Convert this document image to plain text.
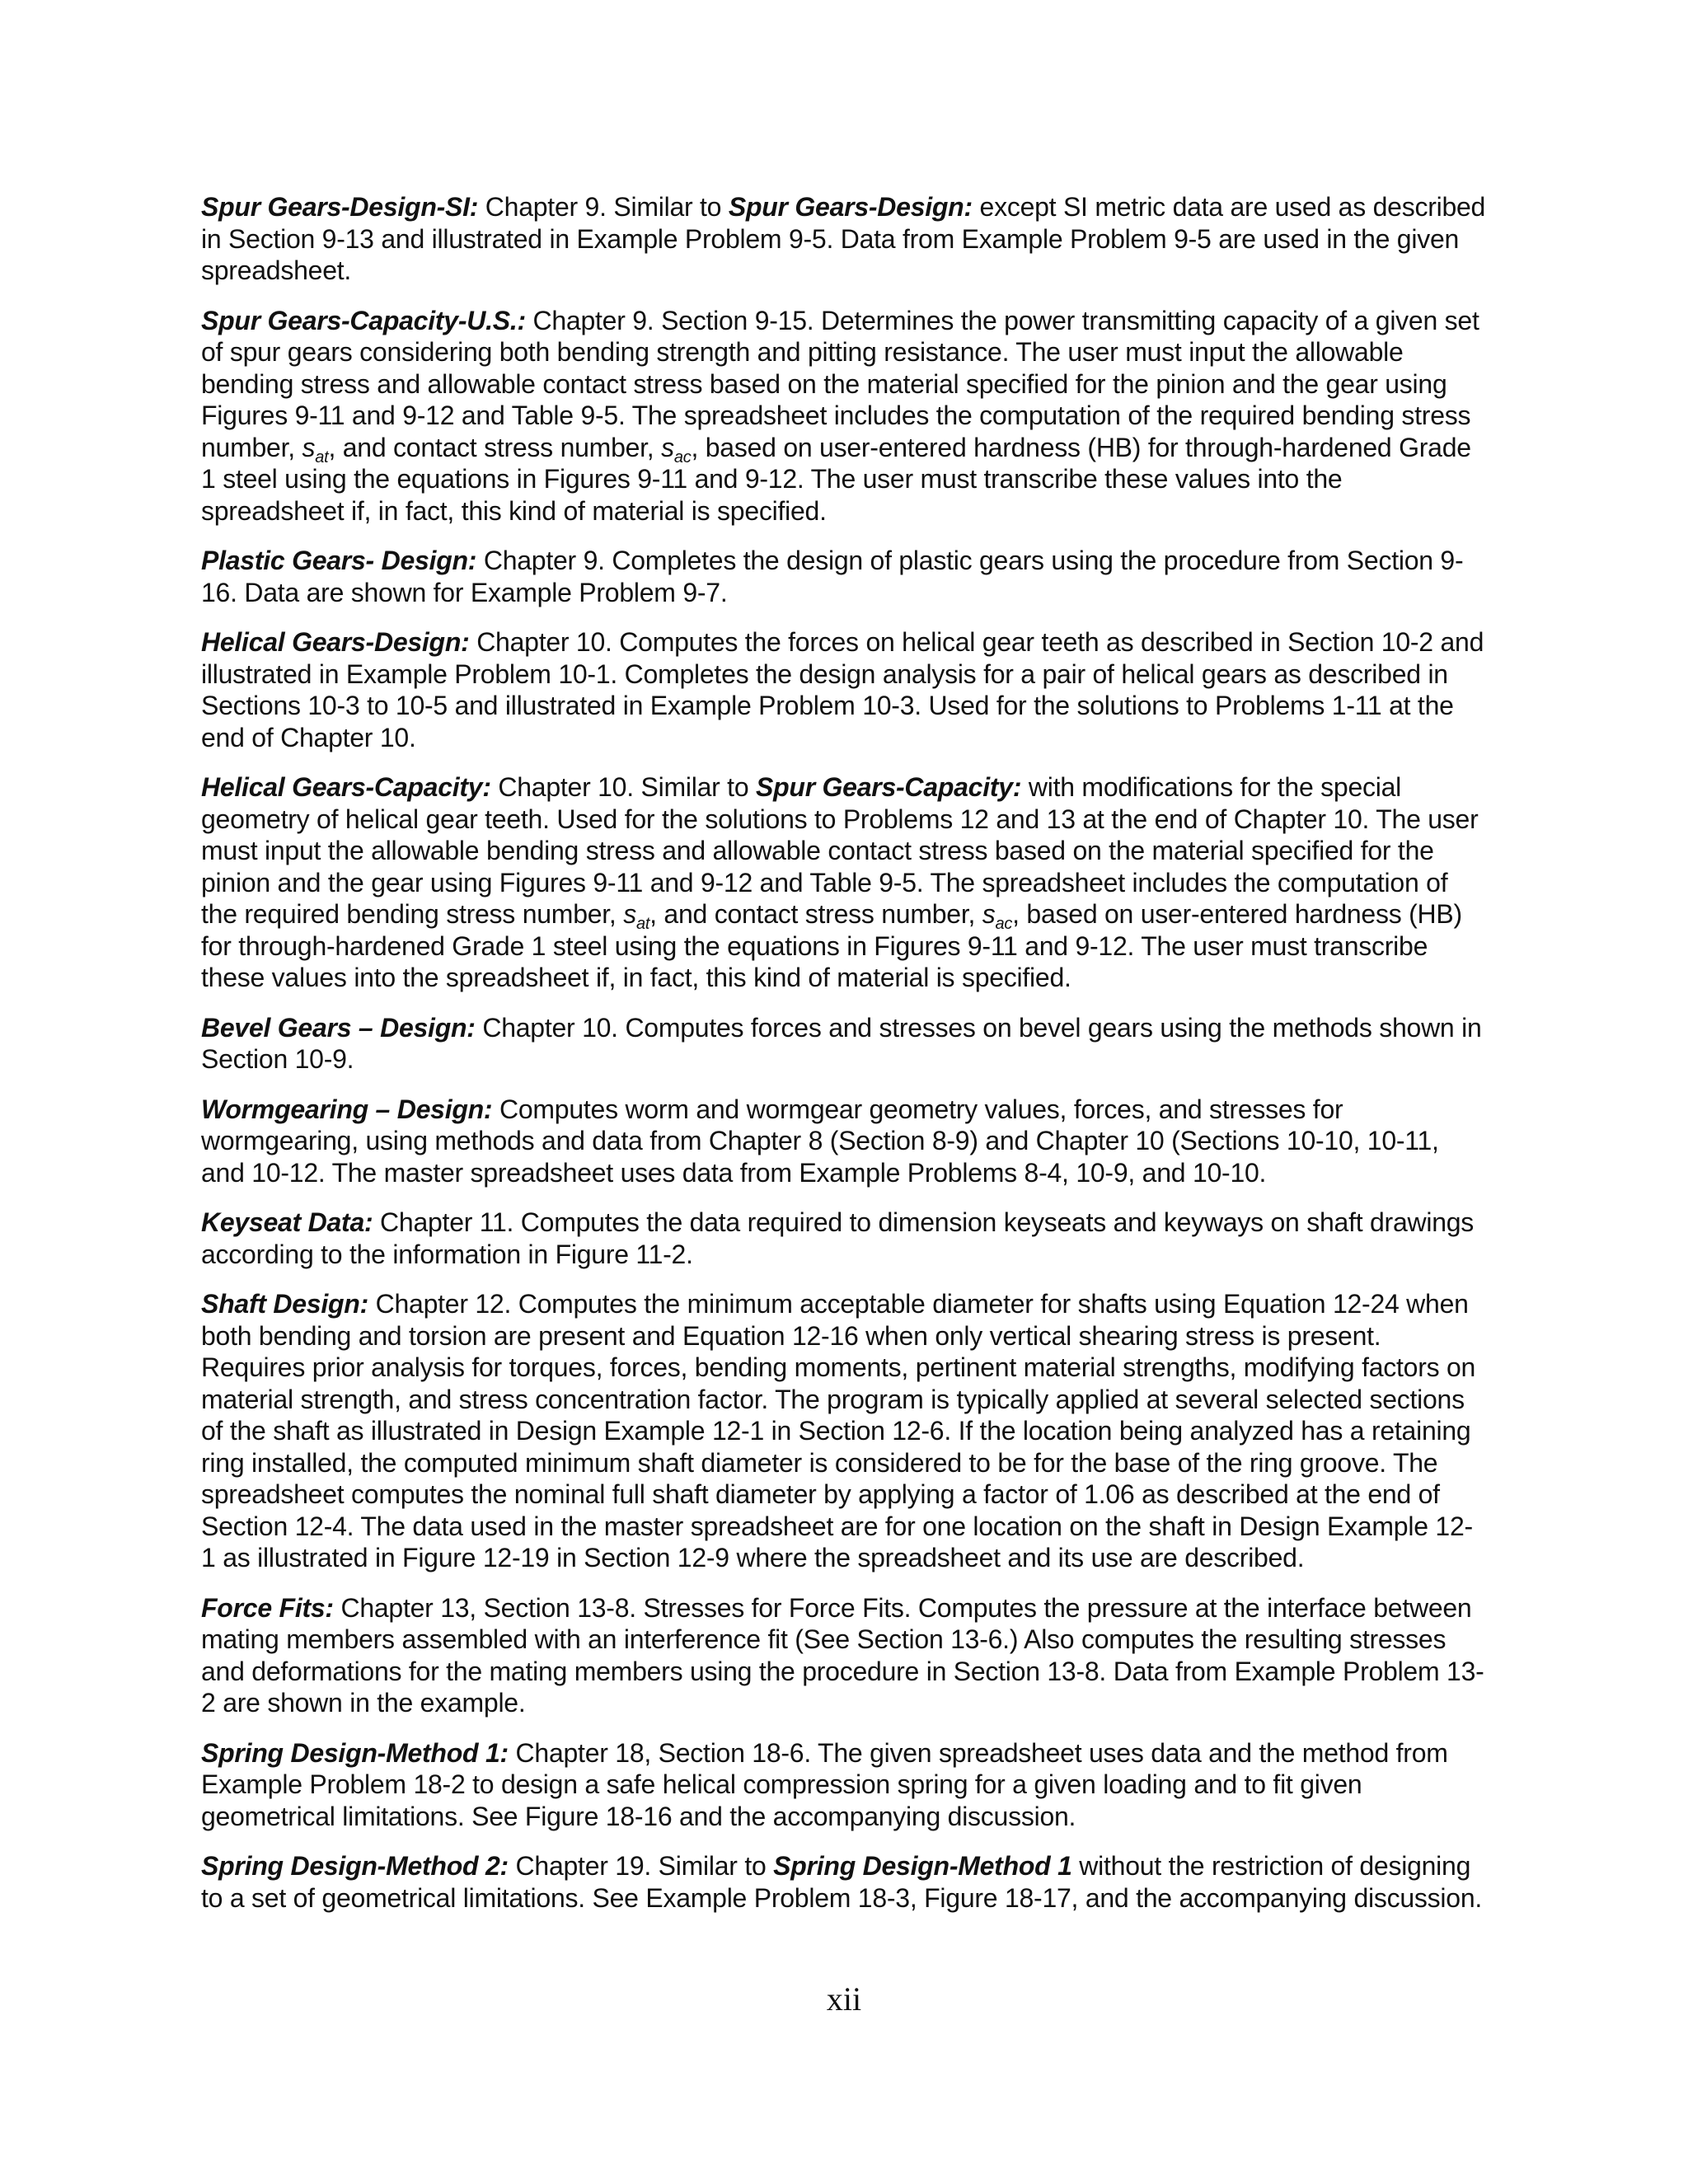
Spur Gears-Design-SI: Chapter 9. Similar to Spur Gears-Design: except SI metric data are used as described in Section 9-13 and illustrated in Example Problem 9-5. Data from Example Problem 9-5 are used in the given spreadsheet.

Spur Gears-Capacity-U.S.: Chapter 9. Section 9-15. Determines the power transmitting capacity of a given set of spur gears considering both bending strength and pitting resistance. The user must input the allowable bending stress and allowable contact stress based on the material specified for the pinion and the gear using Figures 9-11 and 9-12 and Table 9-5. The spreadsheet includes the computation of the required bending stress number, $s_{at}$, and contact stress number, $s_{ac}$, based on user-entered hardness (HB) for through-hardened Grade 1 steel using the equations in Figures 9-11 and 9-12. The user must transcribe these values into the spreadsheet if, in fact, this kind of material is specified.

Plastic Gears- Design: Chapter 9. Completes the design of plastic gears using the procedure from Section 9-16. Data are shown for Example Problem 9-7.

Helical Gears-Design: Chapter 10. Computes the forces on helical gear teeth as described in Section 10-2 and illustrated in Example Problem 10-1. Completes the design analysis for a pair of helical gears as described in Sections 10-3 to 10-5 and illustrated in Example Problem 10-3. Used for the solutions to Problems 1-11 at the end of Chapter 10.

Helical Gears-Capacity: Chapter 10. Similar to Spur Gears-Capacity: with modifications for the special geometry of helical gear teeth. Used for the solutions to Problems 12 and 13 at the end of Chapter 10. The user must input the allowable bending stress and allowable contact stress based on the material specified for the pinion and the gear using Figures 9-11 and 9-12 and Table 9-5. The spreadsheet includes the computation of the required bending stress number, $s_{at}$, and contact stress number, $s_{ac}$, based on user-entered hardness (HB) for through-hardened Grade 1 steel using the equations in Figures 9-11 and 9-12. The user must transcribe these values into the spreadsheet if, in fact, this kind of material is specified.

Bevel Gears – Design: Chapter 10. Computes forces and stresses on bevel gears using the methods shown in Section 10-9.

Wormgearing – Design: Computes worm and wormgear geometry values, forces, and stresses for wormgearing, using methods and data from Chapter 8 (Section 8-9) and Chapter 10 (Sections 10-10, 10-11, and 10-12. The master spreadsheet uses data from Example Problems 8-4, 10-9, and 10-10.

Keyseat Data: Chapter 11. Computes the data required to dimension keyseats and keyways on shaft drawings according to the information in Figure 11-2.

Shaft Design: Chapter 12. Computes the minimum acceptable diameter for shafts using Equation 12-24 when both bending and torsion are present and Equation 12-16 when only vertical shearing stress is present. Requires prior analysis for torques, forces, bending moments, pertinent material strengths, modifying factors on material strength, and stress concentration factor. The program is typically applied at several selected sections of the shaft as illustrated in Design Example 12-1 in Section 12-6. If the location being analyzed has a retaining ring installed, the computed minimum shaft diameter is considered to be for the base of the ring groove. The spreadsheet computes the nominal full shaft diameter by applying a factor of 1.06 as described at the end of Section 12-4. The data used in the master spreadsheet are for one location on the shaft in Design Example 12-1 as illustrated in Figure 12-19 in Section 12-9 where the spreadsheet and its use are described.

Force Fits: Chapter 13, Section 13-8. Stresses for Force Fits. Computes the pressure at the interface between mating members assembled with an interference fit (See Section 13-6.) Also computes the resulting stresses and deformations for the mating members using the procedure in Section 13-8. Data from Example Problem 13-2 are shown in the example.

Spring Design-Method 1: Chapter 18, Section 18-6. The given spreadsheet uses data and the method from Example Problem 18-2 to design a safe helical compression spring for a given loading and to fit given geometrical limitations. See Figure 18-16 and the accompanying discussion.

Spring Design-Method 2: Chapter 19. Similar to Spring Design-Method 1 without the restriction of designing to a set of geometrical limitations. See Example Problem 18-3, Figure 18-17, and the accompanying discussion.

xii
